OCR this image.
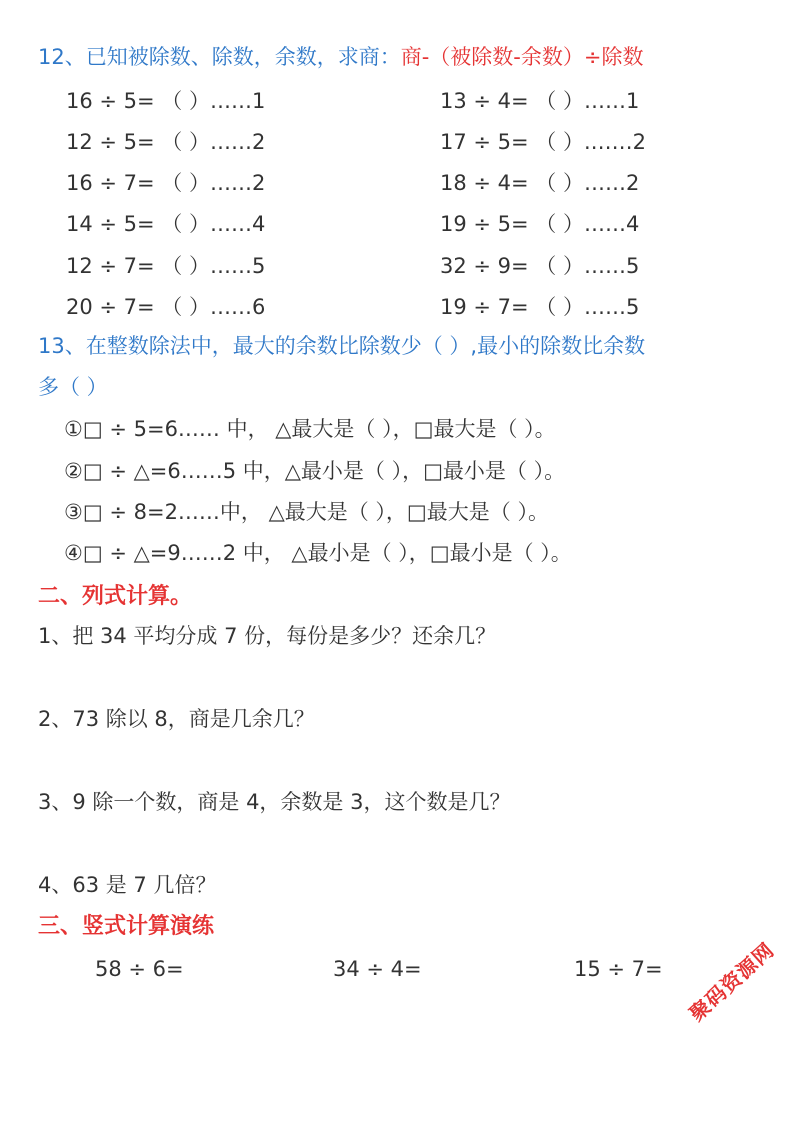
12、已知被除数、除数，余数，求商：商-（被除数-余数）÷除数
16 ÷ 5= （ ）……1	13 ÷ 4= （ ）……1
12 ÷ 5= （ ）……2	17 ÷ 5= （ ）.……2
16 ÷ 7= （ ）……2	18 ÷ 4= （ ）……2
14 ÷ 5= （ ）……4	19 ÷ 5= （ ）……4
12 ÷ 7= （ ）……5	32 ÷ 9= （ ）……5
20 ÷ 7= （ ）……6	19 ÷ 7= （ ）……5
13、在整数除法中，最大的余数比除数少（ ）,最小的除数比余数
多（ ）
①□ ÷ 5=6…… 中， △最大是（ ），□最大是（ ）。
②□ ÷ △=6……5 中，△最小是（ ），□最小是（ ）。
③□ ÷ 8=2……中， △最大是（ ），□最大是（ ）。
④□ ÷ △=9……2 中， △最小是（ ），□最小是（ ）。
二、列式计算。
1、把 34 平均分成 7 份，每份是多少？还余几？
2、73 除以 8，商是几余几？
3、9 除一个数，商是 4，余数是 3，这个数是几？
4、63 是 7 几倍？
三、竖式计算演练
58 ÷ 6=	34 ÷ 4=	15 ÷ 7= 聚码资源网
